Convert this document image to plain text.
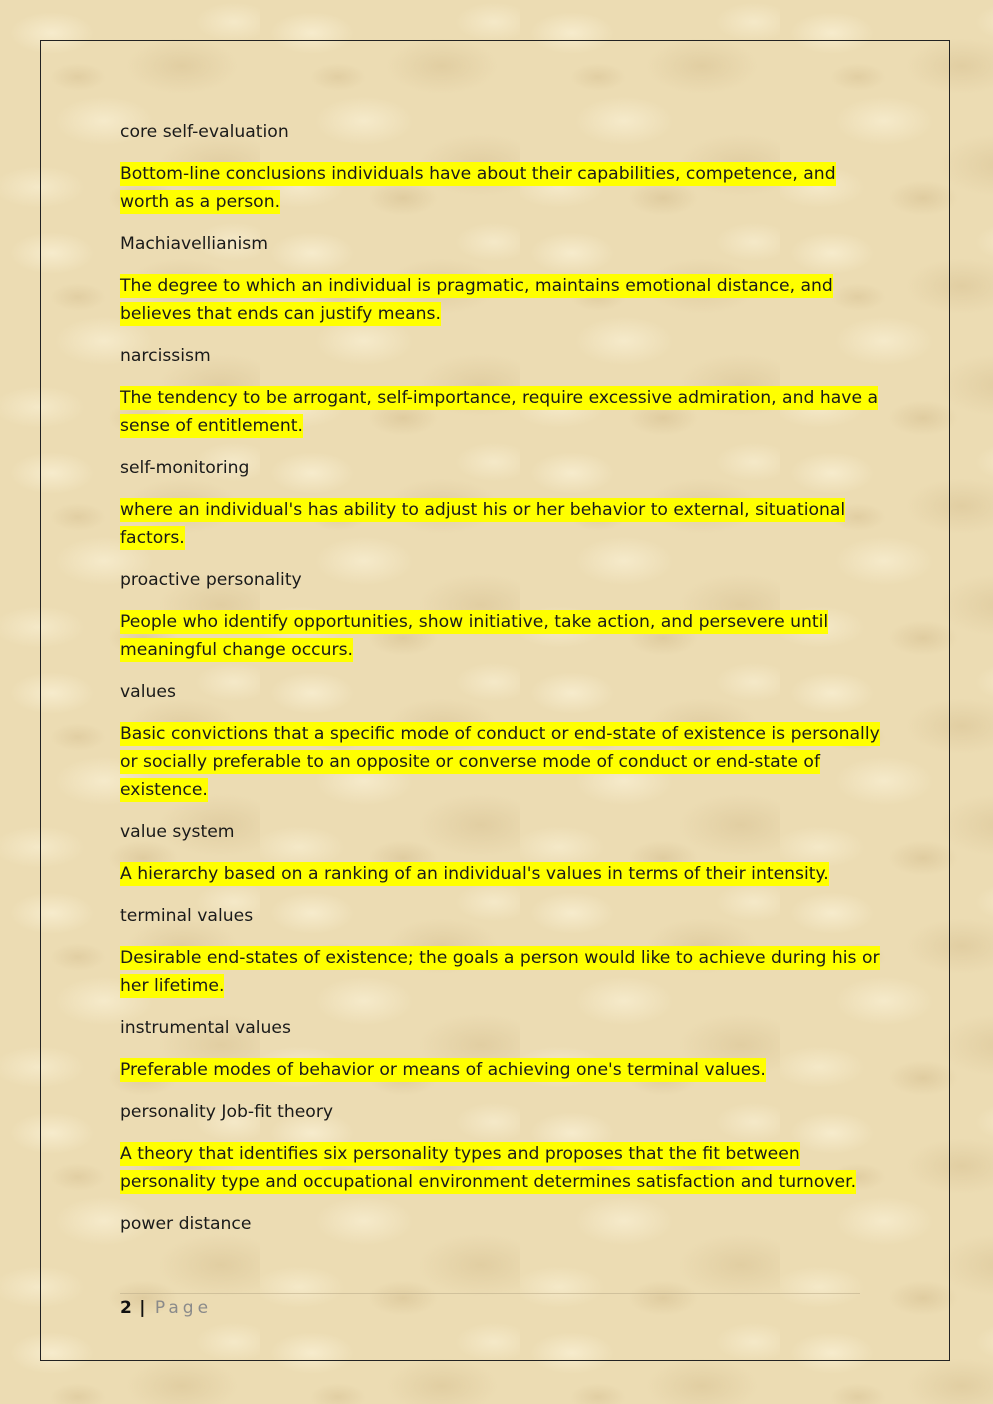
core self-evaluation

Bottom-line conclusions individuals have about their capabilities, competence, and worth as a person.

Machiavellianism

The degree to which an individual is pragmatic, maintains emotional distance, and believes that ends can justify means.

narcissism

The tendency to be arrogant, self-importance, require excessive admiration, and have a sense of entitlement.

self-monitoring

where an individual's has ability to adjust his or her behavior to external, situational factors.

proactive personality

People who identify opportunities, show initiative, take action, and persevere until meaningful change occurs.

values

Basic convictions that a specific mode of conduct or end-state of existence is personally or socially preferable to an opposite or converse mode of conduct or end-state of existence.

value system

A hierarchy based on a ranking of an individual's values in terms of their intensity.

terminal values

Desirable end-states of existence; the goals a person would like to achieve during his or her lifetime.

instrumental values

Preferable modes of behavior or means of achieving one's terminal values.

personality Job-fit theory

A theory that identifies six personality types and proposes that the fit between personality type and occupational environment determines satisfaction and turnover.

power distance

2 | Page
